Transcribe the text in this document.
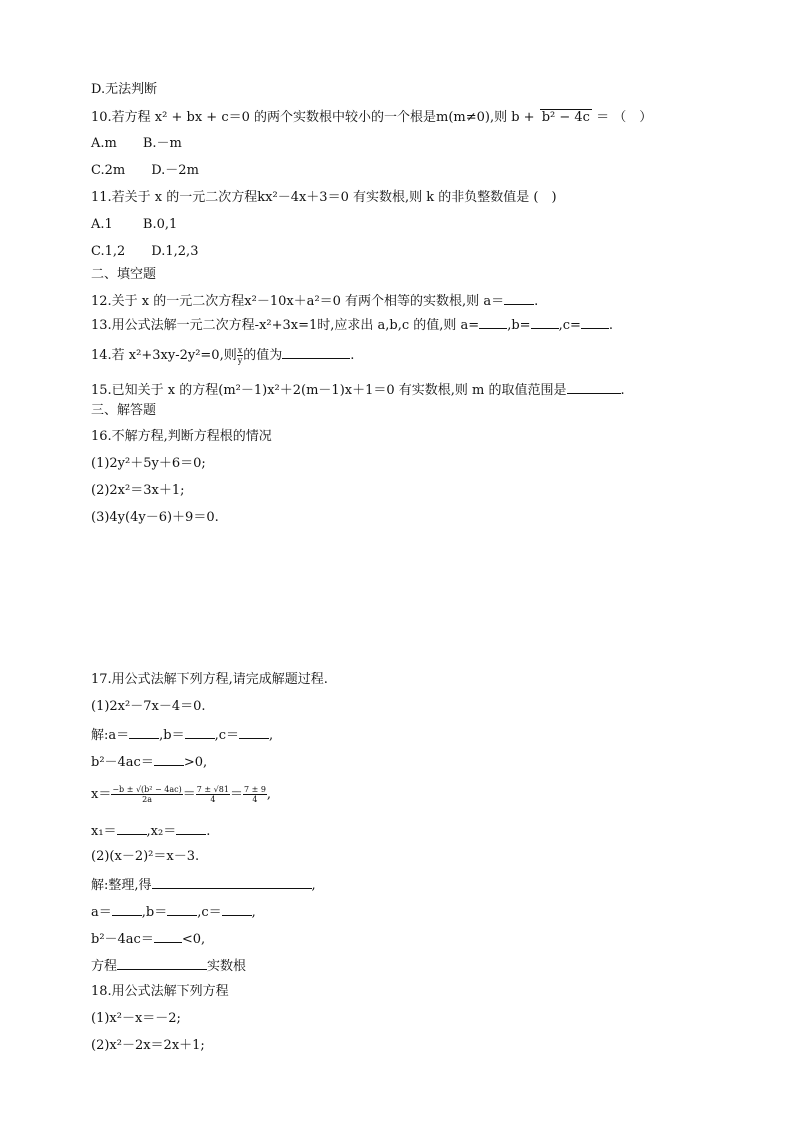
D.无法判断
10.若方程 x² + bx + c＝0 的两个实数根中较小的一个根是m(m≠0),则 b + b² − 4c ＝ （　）
A.m　　B.－m
C.2m　　D.－2m
11.若关于 x 的一元二次方程kx²－4x＋3＝0 有实数根,则 k 的非负整数值是 (　)
A.1　　 B.0,1
C.1,2　　D.1,2,3
二、填空题
12.关于 x 的一元二次方程x²－10x＋a²＝0 有两个相等的实数根,则 a＝ .
13.用公式法解一元二次方程-x²+3x=1时,应求出 a,b,c 的值,则 a= ,b= ,c= .
14.若 x²+3xy-2y²=0,则 $\frac{x}{y}$ 的值为	.
15.已知关于 x 的方程(m²－1)x²＋2(m－1)x＋1＝0 有实数根,则 m 的取值范围是	.
三、解答题
16.不解方程,判断方程根的情况
(1)2y²＋5y＋6＝0;
(2)2x²＝3x＋1;
(3)4y(4y－6)＋9＝0.
17.用公式法解下列方程,请完成解题过程.
(1)2x²－7x－4＝0.
解:a＝ ,b＝ ,c＝ ,
b²－4ac＝ >0,
$x= \frac{\text{−b ± √(b² − 4ac)}}{2a} = \frac{7 \pm √81}{4} = \frac{7 \pm 9}{4}$ ,
x₁＝ ,x₂＝ .
(2)(x－2)²＝x－3.
解:整理,得	,
a＝ ,b＝ ,c＝ ,
b²－4ac＝ <0,
方程	实数根
18.用公式法解下列方程
(1)x²－x＝－2;
(2)x²－2x＝2x＋1;
